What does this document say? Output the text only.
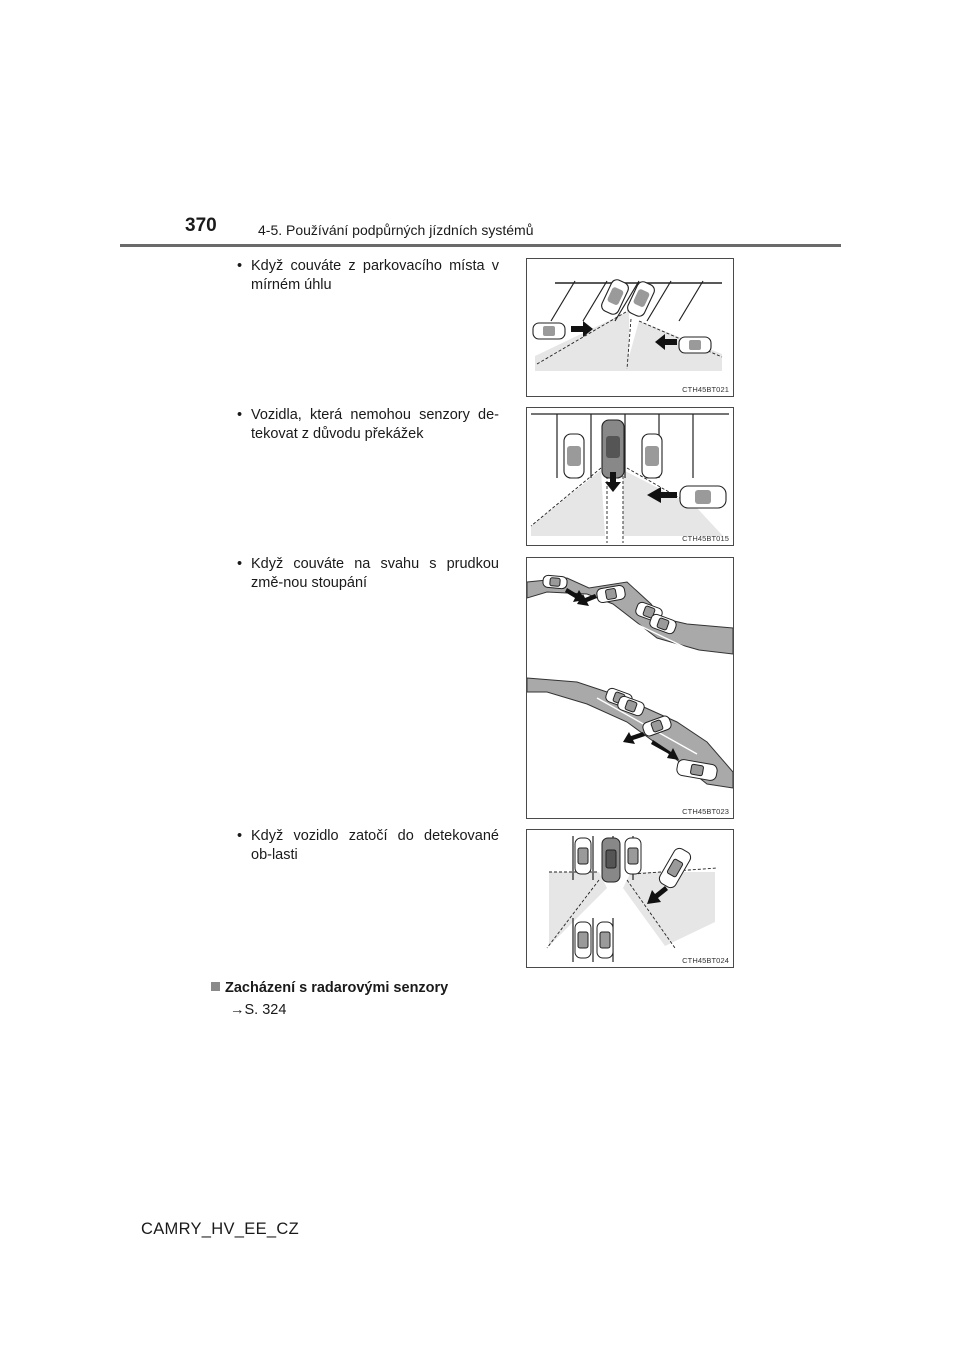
370	4-5. Používání podpůrných jízdních systémů
• Když couváte z parkovacího místa v mírném úhlu
CTH45BT021
• Vozidla, která nemohou senzory de-tekovat z důvodu překážek
CTH45BT015
• Když couváte na svahu s prudkou změ-nou stoupání
CTH45BT023
• Když vozidlo zatočí do detekované ob-lasti
CTH45BT024
Zacházení s radarovými senzory
→S. 324
CAMRY_HV_EE_CZ
